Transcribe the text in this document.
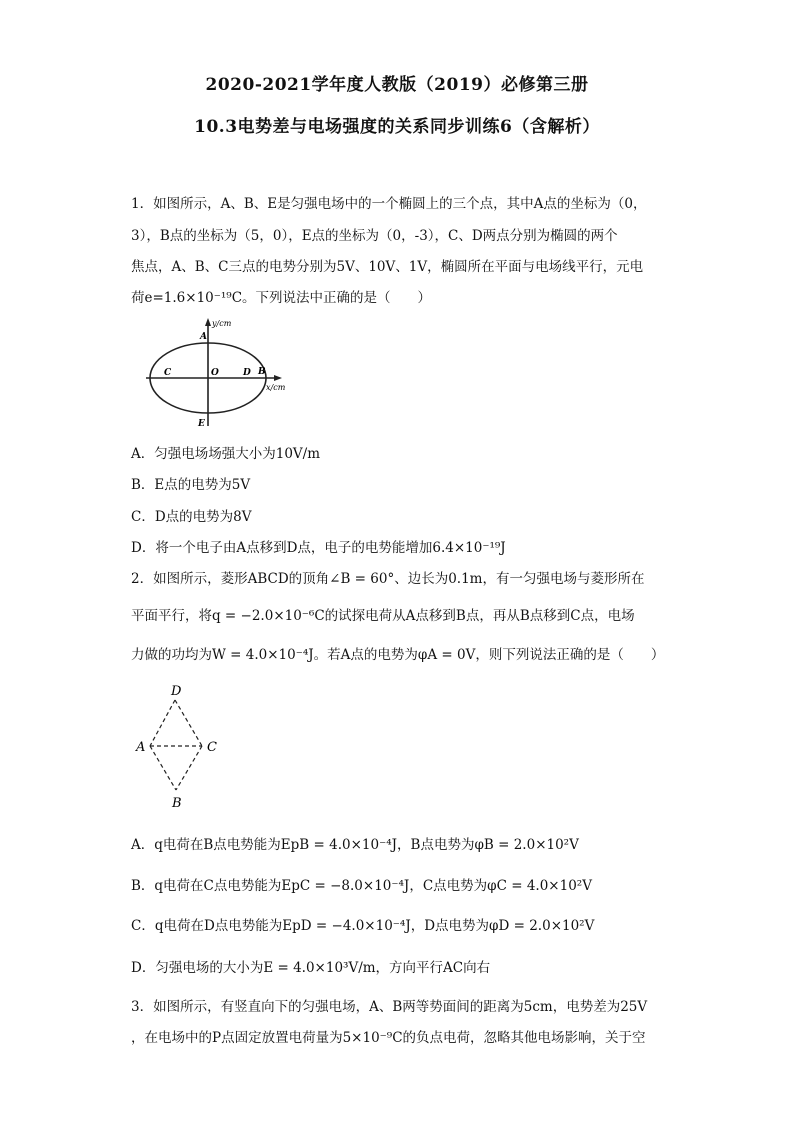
2020-2021学年度人教版（2019）必修第三册
10.3电势差与电场强度的关系同步训练6（含解析）
1．如图所示，A、B、E是匀强电场中的一个椭圆上的三个点，其中A点的坐标为（0，
3），B点的坐标为（5，0），E点的坐标为（0，-3），C、D两点分别为椭圆的两个
焦点，A、B、C三点的电势分别为5V、10V、1V，椭圆所在平面与电场线平行，元电
荷e=1.6×10⁻¹⁹C。下列说法中正确的是（　　）
y/cm
x/cm
A
B
C	D
O
E
A．匀强电场场强大小为10V/m
B．E点的电势为5V
C．D点的电势为8V
D．将一个电子由A点移到D点，电子的电势能增加6.4×10⁻¹⁹J
2．如图所示，菱形ABCD的顶角∠B = 60°、边长为0.1m，有一匀强电场与菱形所在
平面平行，将q = −2.0×10⁻⁶C的试探电荷从A点移到B点，再从B点移到C点，电场
力做的功均为W = 4.0×10⁻⁴J。若A点的电势为φA = 0V，则下列说法正确的是（　　）
D
A	C
B
A．q电荷在B点电势能为EpB = 4.0×10⁻⁴J，B点电势为φB = 2.0×10²V
B．q电荷在C点电势能为EpC = −8.0×10⁻⁴J，C点电势为φC = 4.0×10²V
C．q电荷在D点电势能为EpD = −4.0×10⁻⁴J，D点电势为φD = 2.0×10²V
D．匀强电场的大小为E = 4.0×10³V/m，方向平行AC向右
3．如图所示，有竖直向下的匀强电场，A、B两等势面间的距离为5cm，电势差为25V
，在电场中的P点固定放置电荷量为5×10⁻⁹C的负点电荷，忽略其他电场影响，关于空
